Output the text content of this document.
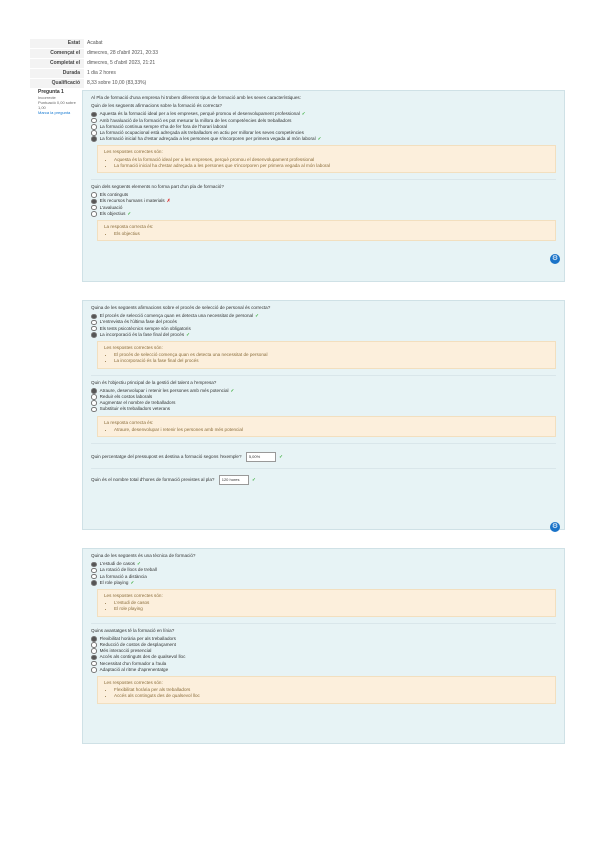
Estat	Acabat
Començat el	dimecres, 28 d'abril 2021, 20:33
Completat el	dimecres, 5 d'abril 2023, 21:21
Durada	1 dia 2 hores
Qualificació	8,33 sobre 10,00 (83,33%)
Pregunta 1
Incorrecte
Puntuació 0,00 sobre 1,00
Marca la pregunta
Al Pla de formació d'una empresa hi trobem diferents tipus de formació amb les seves característiques:
Quin de les següents afirmacions sobre la formació és correcta?
Aquesta és la formació ideal per a les empreses, perquè promou el desenvolupament professional ✓
Amb l'avaluació de la formació es pot mesurar la millora de les competències dels treballadors
La formació continua sempre s'ha de fer fora de l'horari laboral
La formació ocupacional està adreçada als treballadors en actiu per millorar les seves competències
La formació inicial ha d'estar adreçada a les persones que s'incorporen per primera vegada al món laboral ✓
Les respostes correctes són:
• Aquesta és la formació ideal per a les empreses, perquè promou el desenvolupament professional
• La formació inicial ha d'estar adreçada a les persones que s'incorporen per primera vegada al món laboral
Quin dels següents elements no forma part d'un pla de formació?
Els continguts
Els recursos humans i materials ✗
L'avaluació
Els objectius ✓
La resposta correcta és:
• Els objectius
⚙
Quina de les següents afirmacions sobre el procés de selecció de personal és correcta?
El procés de selecció comença quan es detecta una necessitat de personal ✓
L'entrevista és l'última fase del procés
Els tests psicotècnics sempre són obligatoris
La incorporació és la fase final del procés ✓
Les respostes correctes són:
• El procés de selecció comença quan es detecta una necessitat de personal
• La incorporació és la fase final del procés
Quin és l'objectiu principal de la gestió del talent a l'empresa?
Atraure, desenvolupar i retenir les persones amb més potencial ✓
Reduir els costos laborals
Augmentar el nombre de treballadors
Substituir els treballadors veterans
La resposta correcta és:
• Atraure, desenvolupar i retenir les persones amb més potencial
Quin percentatge del pressupost es destina a formació segons l'exemple? 5,00%	✓
Quin és el nombre total d'hores de formació previstes al pla? 120 hores	✓
⚙
Quina de les següents és una tècnica de formació?
L'estudi de casos ✓
La rotació de llocs de treball
La formació a distància
El role playing ✓
Les respostes correctes són:
• L'estudi de casos
• El role playing
Quins avantatges té la formació en línia?
Flexibilitat horària per als treballadors
Reducció de costos de desplaçament
Més interacció presencial
Accés als continguts des de qualsevol lloc
Necessitat d'un formador a l'aula
Adaptació al ritme d'aprenentatge
Les respostes correctes són:
• Flexibilitat horària per als treballadors
• Accés als continguts des de qualsevol lloc
